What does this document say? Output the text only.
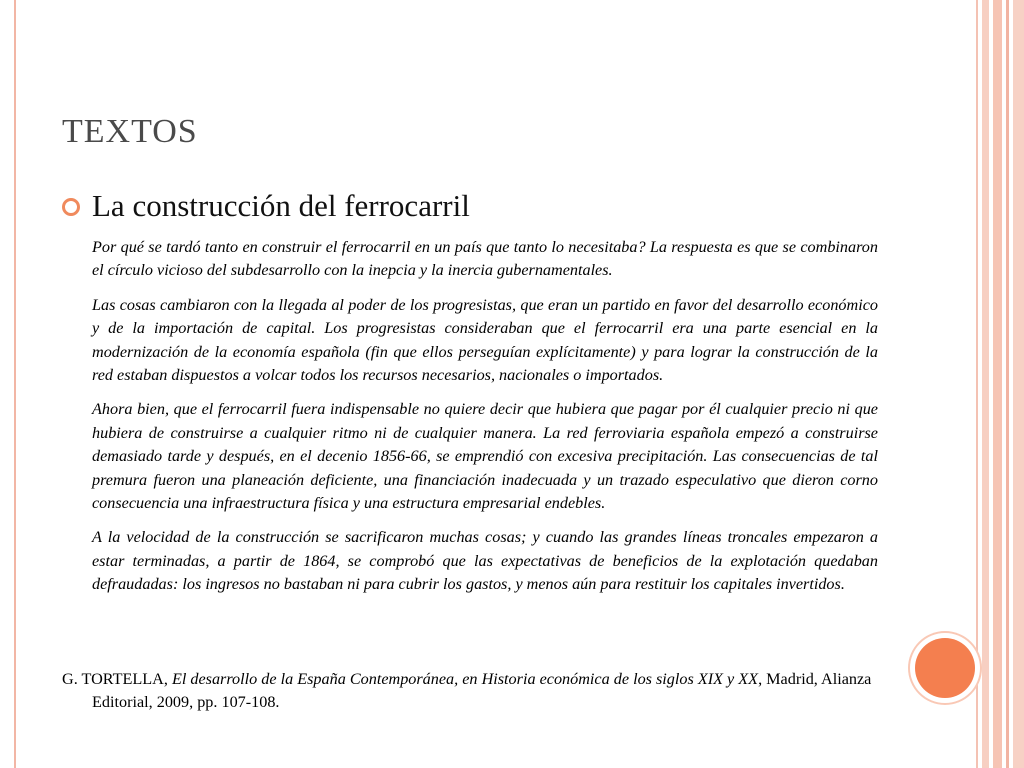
TEXTOS
La construcción del ferrocarril

Por qué se tardó tanto en construir el ferrocarril en un país que tanto lo necesitaba? La respuesta es que se combinaron el círculo vicioso del subdesarrollo con la inepcia y la inercia gubernamentales.

Las cosas cambiaron con la llegada al poder de los progresistas, que eran un partido en favor del desarrollo económico y de la importación de capital. Los progresistas consideraban que el ferrocarril era una parte esencial en la modernización de la economía española (fin que ellos perseguían explícitamente) y para lograr la construcción de la red estaban dispuestos a volcar todos los recursos necesarios, nacionales o importados.

Ahora bien, que el ferrocarril fuera indispensable no quiere decir que hubiera que pagar por él cualquier precio ni que hubiera de construirse a cualquier ritmo ni de cualquier manera. La red ferroviaria española empezó a construirse demasiado tarde y después, en el decenio 1856-66, se emprendió con excesiva precipitación. Las consecuencias de tal premura fueron una planeación deficiente, una financiación inadecuada y un trazado especulativo que dieron corno consecuencia una infraestructura física y una estructura empresarial endebles.

A la velocidad de la construcción se sacrificaron muchas cosas; y cuando las grandes líneas troncales empezaron a estar terminadas, a partir de 1864, se comprobó que las expectativas de beneficios de la explotación quedaban defraudadas: los ingresos no bastaban ni para cubrir los gastos, y menos aún para restituir los capitales invertidos.

G. TORTELLA, El desarrollo de la España Contemporánea, en Historia económica de los siglos XIX y XX, Madrid, Alianza Editorial, 2009, pp. 107-108.
